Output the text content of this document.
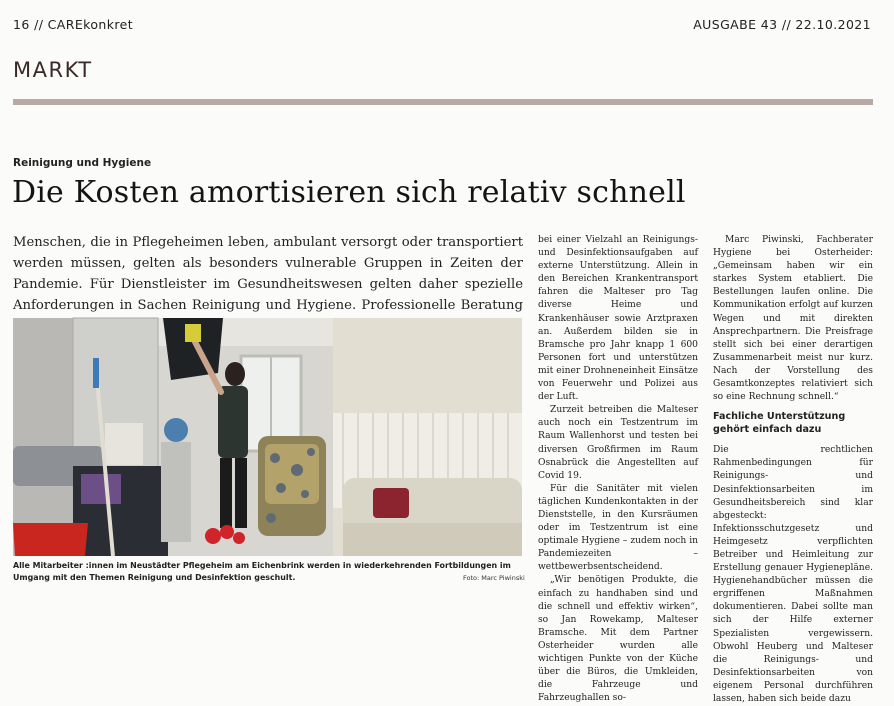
16 // CAREkonkret	AUSGABE 43 // 22.10.2021
MARKT
Reinigung und Hygiene
Die Kosten amortisieren sich relativ schnell

Menschen, die in Pflegeheimen leben, ambulant versorgt oder transportiert werden müssen, gelten als besonders vulnerable Gruppen in Zeiten der Pandemie. Für Dienstleister im Gesundheitswesen gelten daher spezielle Anforderungen in Sachen Reinigung und Hygiene. Professionelle Beratung

Alle Mitarbeiter :innen im Neustädter Pflegeheim am Eichenbrink werden in wiederkehrenden Fortbildungen im Umgang mit den Themen Reinigung und Desinfektion geschult.	Foto: Marc Piwinski

bei einer Vielzahl an Reinigungs- und Desinfektionsaufgaben auf externe Unterstützung. Allein in den Bereichen Krankentransport fahren die Malteser pro Tag diverse Heime und Krankenhäuser sowie Arztpraxen an. Außerdem bilden sie in Bramsche pro Jahr knapp 1 600 Personen fort und unterstützen mit einer Drohneneinheit Einsätze von Feuerwehr und Polizei aus der Luft.

Zurzeit betreiben die Malteser auch noch ein Testzentrum im Raum Wallenhorst und testen bei diversen Großfirmen im Raum Osnabrück die Angestellten auf Covid 19.

Für die Sanitäter mit vielen täglichen Kundenkontakten in der Dienststelle, in den Kursräumen oder im Testzentrum ist eine optimale Hygiene – zudem noch in Pandemiezeiten – wettbewerbsentscheidend.

„Wir benötigen Produkte, die einfach zu handhaben sind und die schnell und effektiv wirken“, so Jan Rowekamp, Malteser Bramsche. Mit dem Partner Osterheider wurden alle wichtigen Punkte von der Küche über die Büros, die Umkleiden, die Fahrzeuge und Fahrzeughallen so-

Marc Piwinski, Fachberater Hygiene bei Osterheider: „Gemeinsam haben wir ein starkes System etabliert. Die Bestellungen laufen online. Die Kommunikation erfolgt auf kurzen Wegen und mit direkten Ansprechpartnern. Die Preisfrage stellt sich bei einer derartigen Zusammenarbeit meist nur kurz. Nach der Vorstellung des Gesamtkonzeptes relativiert sich so eine Rechnung schnell.“

Fachliche Unterstützung gehört einfach dazu

Die rechtlichen Rahmenbedingungen für Reinigungs- und Desinfektionsarbeiten im Gesundheitsbereich sind klar abgesteckt: Infektionsschutzgesetz und Heimgesetz verpflichten Betreiber und Heimleitung zur Erstellung genauer Hygienepläne. Hygienehandbücher müssen die ergriffenen Maßnahmen dokumentieren. Dabei sollte man sich der Hilfe externer Spezialisten vergewissern. Obwohl Heuberg und Malteser die Reinigungs- und Desinfektionsarbeiten von eigenem Personal durchführen lassen, haben sich beide dazu
